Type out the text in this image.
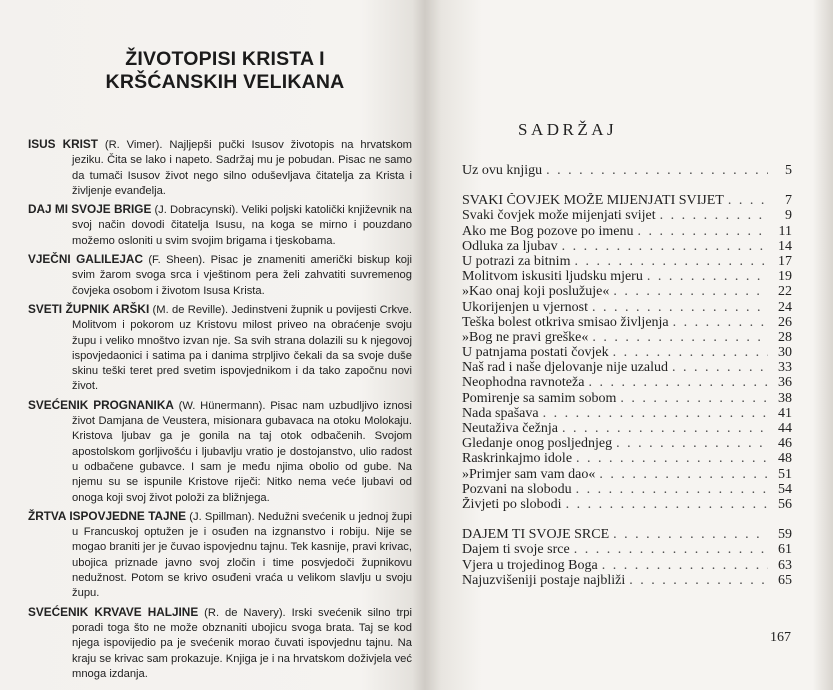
ŽIVOTOPISI KRISTA I
KRŠĆANSKIH VELIKANA
ISUS KRIST (R. Vimer). Najljepši pučki Isusov životopis na hrvatskom jeziku. Čita se lako i napeto. Sadržaj mu je pobudan. Pisac ne samo da tumači Isusov život nego silno oduševljava čitatelja za Krista i življenje evanđelja.
DAJ MI SVOJE BRIGE (J. Dobracynski). Veliki poljski katolički književnik na svoj način dovodi čitatelja Isusu, na koga se mirno i pouzdano možemo osloniti u svim svojim brigama i tjeskobama.
VJEČNI GALILEJAC (F. Sheen). Pisac je znameniti američki biskup koji svim žarom svoga srca i vještinom pera želi zahvatiti suvremenog čovjeka osobom i životom Isusa Krista.
SVETI ŽUPNIK ARŠKI (M. de Reville). Jedinstveni župnik u povijesti Crkve. Molitvom i pokorom uz Kristovu milost priveo na obraćenje svoju župu i veliko mnoštvo izvan nje. Sa svih strana dolazili su k njegovoj ispovjedaonici i satima pa i danima strpljivo čekali da sa svoje duše skinu teški teret pred svetim ispovjednikom i da tako započnu novi život.
SVEĆENIK PROGNANIKA (W. Hünermann). Pisac nam uzbudljivo iznosi život Damjana de Veustera, misionara gubavaca na otoku Molokaju. Kristova ljubav ga je gonila na taj otok odbačenih. Svojom apostolskom gorljivošću i ljubavlju vratio je dostojanstvo, ulio radost u odbačene gubavce. I sam je među njima obolio od gube. Na njemu su se ispunile Kristove riječi: Nitko nema veće ljubavi od onoga koji svoj život položi za bližnjega.
ŽRTVA ISPOVJEDNE TAJNE (J. Spillman). Nedužni svećenik u jednoj župi u Francuskoj optužen je i osuđen na izgnanstvo i robiju. Nije se mogao braniti jer je čuvao ispovjednu tajnu. Tek kasnije, pravi krivac, ubojica priznade javno svoj zločin i time posvjedoči župnikovu nedužnost. Potom se krivo osuđeni vraća u velikom slavlju u svoju župu.
SVEĆENIK KRVAVE HALJINE (R. de Navery). Irski svećenik silno trpi poradi toga što ne može obznaniti ubojicu svoga brata. Taj se kod njega ispovijedio pa je svećenik morao čuvati ispovjednu tajnu. Na kraju se krivac sam prokazuje. Knjiga je i na hrvatskom doživjela već mnoga izdanja.
SADRŽAJ
Uz ovu knjigu . . .	5
SVAKI ČOVJEK MOŽE MIJENJATI SVIJET . . .	7
Svaki čovjek može mijenjati svijet . . .	9
Ako me Bog pozove po imenu . . .	11
Odluka za ljubav . . .	14
U potrazi za bitnim . . .	17
Molitvom iskusiti ljudsku mjeru . . .	19
»Kao onaj koji poslužuje« . . .	22
Ukorijenjen u vjernost . . .	24
Teška bolest otkriva smisao življenja . . .	26
»Bog ne pravi greške« . . .	28
U patnjama postati čovjek . . .	30
Naš rad i naše djelovanje nije uzalud . . .	33
Neophodna ravnoteža . . .	36
Pomirenje sa samim sobom . . .	38
Nada spašava . . .	41
Neutaživa čežnja . . .	44
Gledanje onog posljednjeg . . .	46
Raskrinkajmo idole . . .	48
»Primjer sam vam dao« . . .	51
Pozvani na slobodu . . .	54
Živjeti po slobodi . . .	56
DAJEM TI SVOJE SRCE . . .	59
Dajem ti svoje srce . . .	61
Vjera u trojedinog Boga . . .	63
Najuzvišeniji postaje najbliži . . .	65
167
